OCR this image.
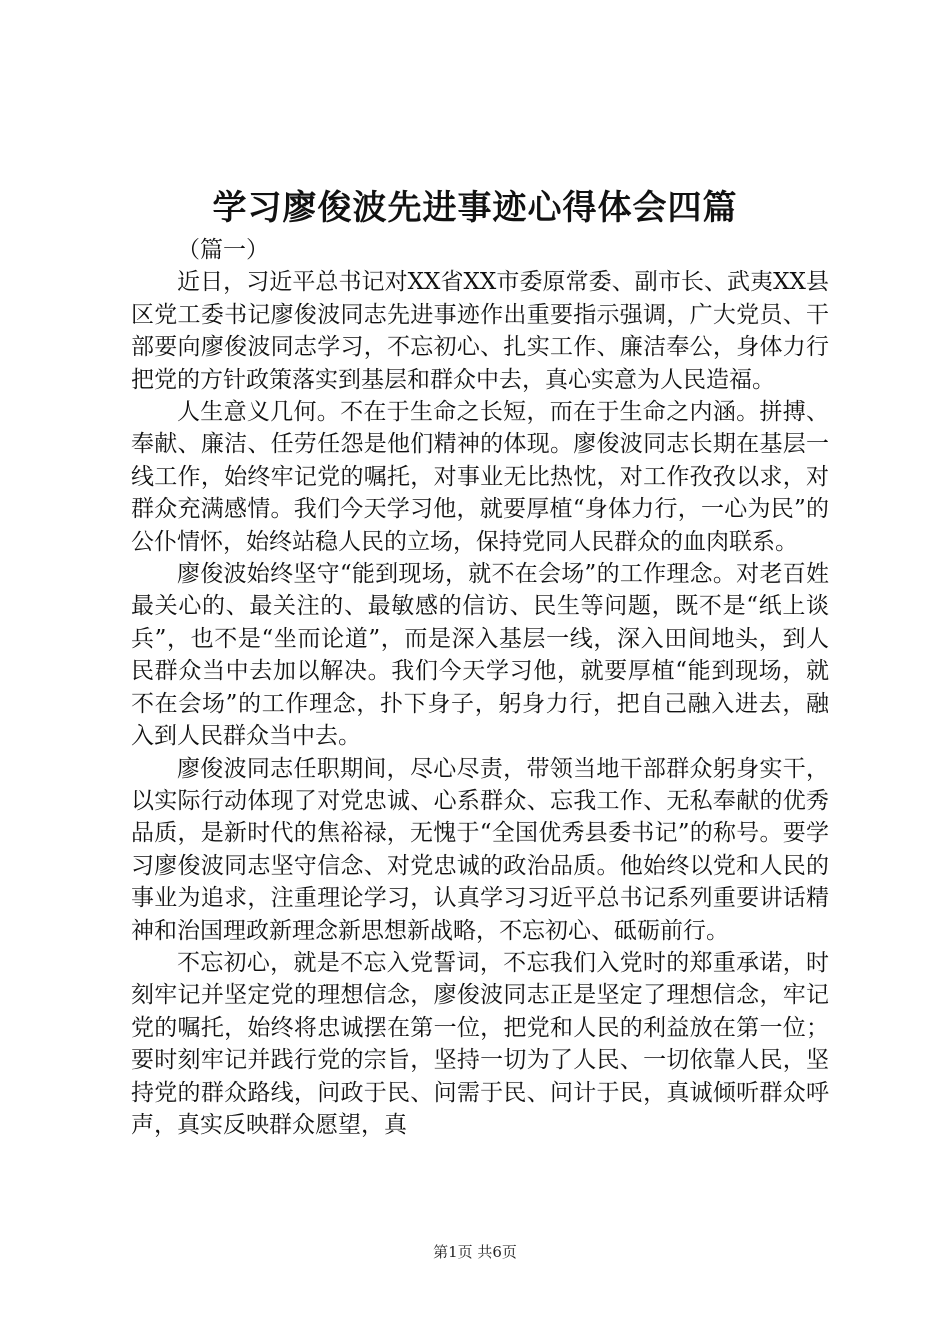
学习廖俊波先进事迹心得体会四篇

（篇一）

近日，习近平总书记对XX省XX市委原常委、副市长、武夷XX县区党工委书记廖俊波同志先进事迹作出重要指示强调，广大党员、干部要向廖俊波同志学习，不忘初心、扎实工作、廉洁奉公，身体力行把党的方针政策落实到基层和群众中去，真心实意为人民造福。

人生意义几何。不在于生命之长短，而在于生命之内涵。拼搏、奉献、廉洁、任劳任怨是他们精神的体现。廖俊波同志长期在基层一线工作，始终牢记党的嘱托，对事业无比热忱，对工作孜孜以求，对群众充满感情。我们今天学习他，就要厚植“身体力行，一心为民”的公仆情怀，始终站稳人民的立场，保持党同人民群众的血肉联系。

廖俊波始终坚守“能到现场，就不在会场”的工作理念。对老百姓最关心的、最关注的、最敏感的信访、民生等问题，既不是“纸上谈兵”，也不是“坐而论道”，而是深入基层一线，深入田间地头，到人民群众当中去加以解决。我们今天学习他，就要厚植“能到现场，就不在会场”的工作理念，扑下身子，躬身力行，把自己融入进去，融入到人民群众当中去。

廖俊波同志任职期间，尽心尽责，带领当地干部群众躬身实干，以实际行动体现了对党忠诚、心系群众、忘我工作、无私奉献的优秀品质，是新时代的焦裕禄，无愧于“全国优秀县委书记”的称号。要学习廖俊波同志坚守信念、对党忠诚的政治品质。他始终以党和人民的事业为追求，注重理论学习，认真学习习近平总书记系列重要讲话精神和治国理政新理念新思想新战略，不忘初心、砥砺前行。

不忘初心，就是不忘入党誓词，不忘我们入党时的郑重承诺，时刻牢记并坚定党的理想信念，廖俊波同志正是坚定了理想信念，牢记党的嘱托，始终将忠诚摆在第一位，把党和人民的利益放在第一位；要时刻牢记并践行党的宗旨，坚持一切为了人民、一切依靠人民，坚持党的群众路线，问政于民、问需于民、问计于民，真诚倾听群众呼声，真实反映群众愿望，真

第1页 共6页
